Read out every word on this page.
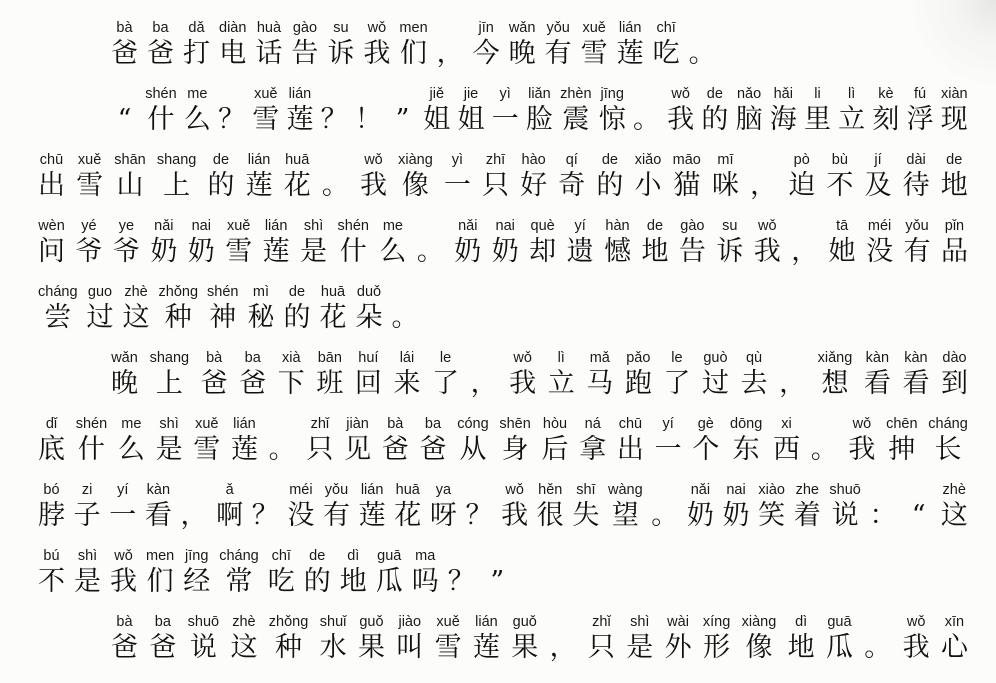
bà
爸
ba
爸
dǎ
打
diàn
电
huà
话
gào
告
su
诉
wǒ
我
men
们 ，
jīn
今
wǎn
晚
yǒu
有
xuě
雪
lián
莲
chī
吃 。
“
shén
什
me
么 ？
xuě
雪
lián
莲 ？ ！ ”
jiě
姐
jie
姐
yì
一
liǎn
脸
zhèn
震
jīng
惊 。
wǒ
我
de
的
nǎo
脑
hǎi
海
li
里
lì
立
kè
刻
fú
浮
xiàn
现
chū
出
xuě
雪
shān
山
shang
上
de
的
lián
莲
huā
花 。
wǒ
我
xiàng
像
yì
一
zhī
只
hào
好
qí
奇
de
的
xiǎo
小
māo
猫
mī
咪 ，
pò
迫
bù
不
jí
及
dài
待
de
地
wèn
问
yé
爷
ye
爷
nǎi
奶
nai
奶
xuě
雪
lián
莲
shì
是
shén
什
me
么 。
nǎi
奶
nai
奶
què
却
yí
遗
hàn
憾
de
地
gào
告
su
诉
wǒ
我 ，
tā
她
méi
没
yǒu
有
pǐn
品
cháng
尝
guo
过
zhè
这
zhǒng
种
shén
神
mì
秘
de
的
huā
花
duǒ
朵 。
wǎn
晚
shang
上
bà
爸
ba
爸
xià
下
bān
班
huí
回
lái
来
le
了 ，
wǒ
我
lì
立
mǎ
马
pǎo
跑
le
了
guò
过
qù
去 ，
xiǎng
想
kàn
看
kàn
看
dào
到
dǐ
底
shén
什
me
么
shì
是
xuě
雪
lián
莲 。
zhǐ
只
jiàn
见
bà
爸
ba
爸
cóng
从
shēn
身
hòu
后
ná
拿
chū
出
yí
一
gè
个
dōng
东
xi
西 。
wǒ
我
chēn
抻
cháng
长
bó
脖
zi
子
yí
一
kàn
看 ，
ǎ
啊 ？
méi
没
yǒu
有
lián
莲
huā
花
ya
呀 ？
wǒ
我
hěn
很
shī
失
wàng
望 。
nǎi
奶
nai
奶
xiào
笑
zhe
着
shuō
说 ： “
zhè
这
bú
不
shì
是
wǒ
我
men
们
jīng
经
cháng
常
chī
吃
de
的
dì
地
guā
瓜
ma
吗 ？ ”
bà
爸
ba
爸
shuō
说
zhè
这
zhǒng
种
shuǐ
水
guǒ
果
jiào
叫
xuě
雪
lián
莲
guǒ
果 ，
zhǐ
只
shì
是
wài
外
xíng
形
xiàng
像
dì
地
guā
瓜 。
wǒ
我
xīn
心
